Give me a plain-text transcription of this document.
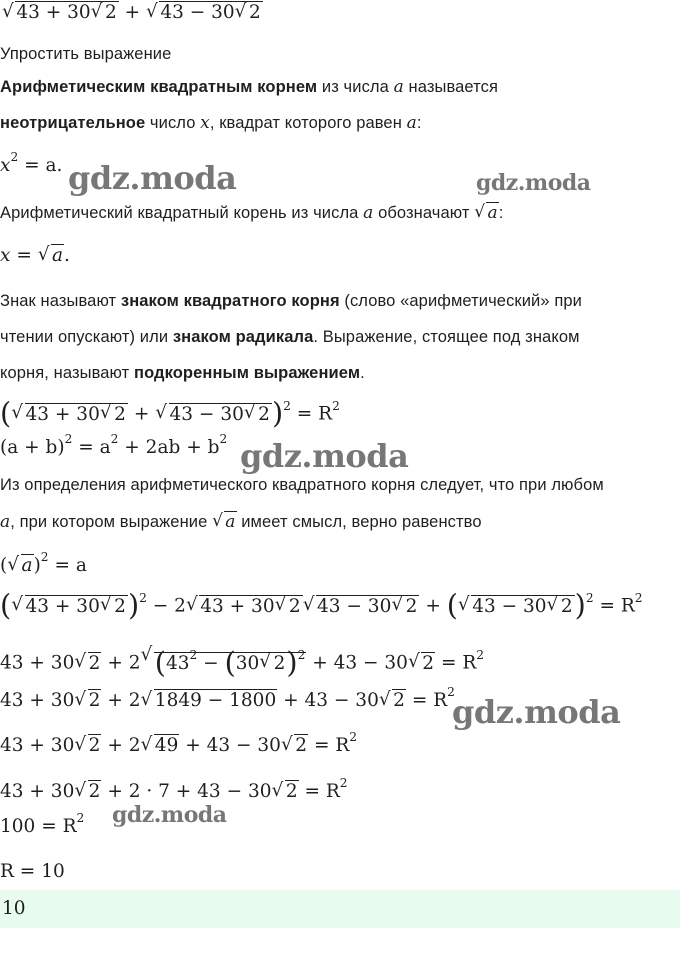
√ 43 + 30√ 2 + √ 43 − 30√ 2
Упростить выражение
Арифметическим квадратным корнем из числа a называется
неотрицательное число x, квадрат которого равен a:
$x^2 = a$. gdz.moda	gdz.moda
Арифметический квадратный корень из числа a обозначают √ a:
x = √ a.
Знак называют знаком квадратного корня (слово «арифметический» при
чтении опускают) или знаком радикала. Выражение, стоящее под знаком
корня, называют подкоренным выражением.
(√ 43 + 30√ 2 + √ 43 − 30√ $2)^2 = R^2$
$(a + b)^2 = a^2 + 2ab + b^2$ gdz.moda
Из определения арифметического квадратного корня следует, что при любом
a, при котором выражение √ a имеет смысл, верно равенство
(√ a)$^2$ = a
(√ 43 + 30√ 2)$^2$ − 2√ 43 + 30√ 2√ 43 − 30√ 2 + (√ 43 − 30√ $2)^2 = R^2$
43 + 30√ 2 + 2√ ($43^2 - (30√$ 2)$^2$ + 43 − 30√ $2 = R^2$
43 + 30√ 2 + 2√ 1849 − 1800 + 43 − 30√ $2 = R^2$
gdz.moda
43 + 30√ 2 + 2√ 49 + 43 − 30√ $2 = R^2$
43 + 30√ 2 + 2 · 7 + 43 − 30√ $2 = R^2$
$100 = R^2$ gdz.moda
R = 10
10
